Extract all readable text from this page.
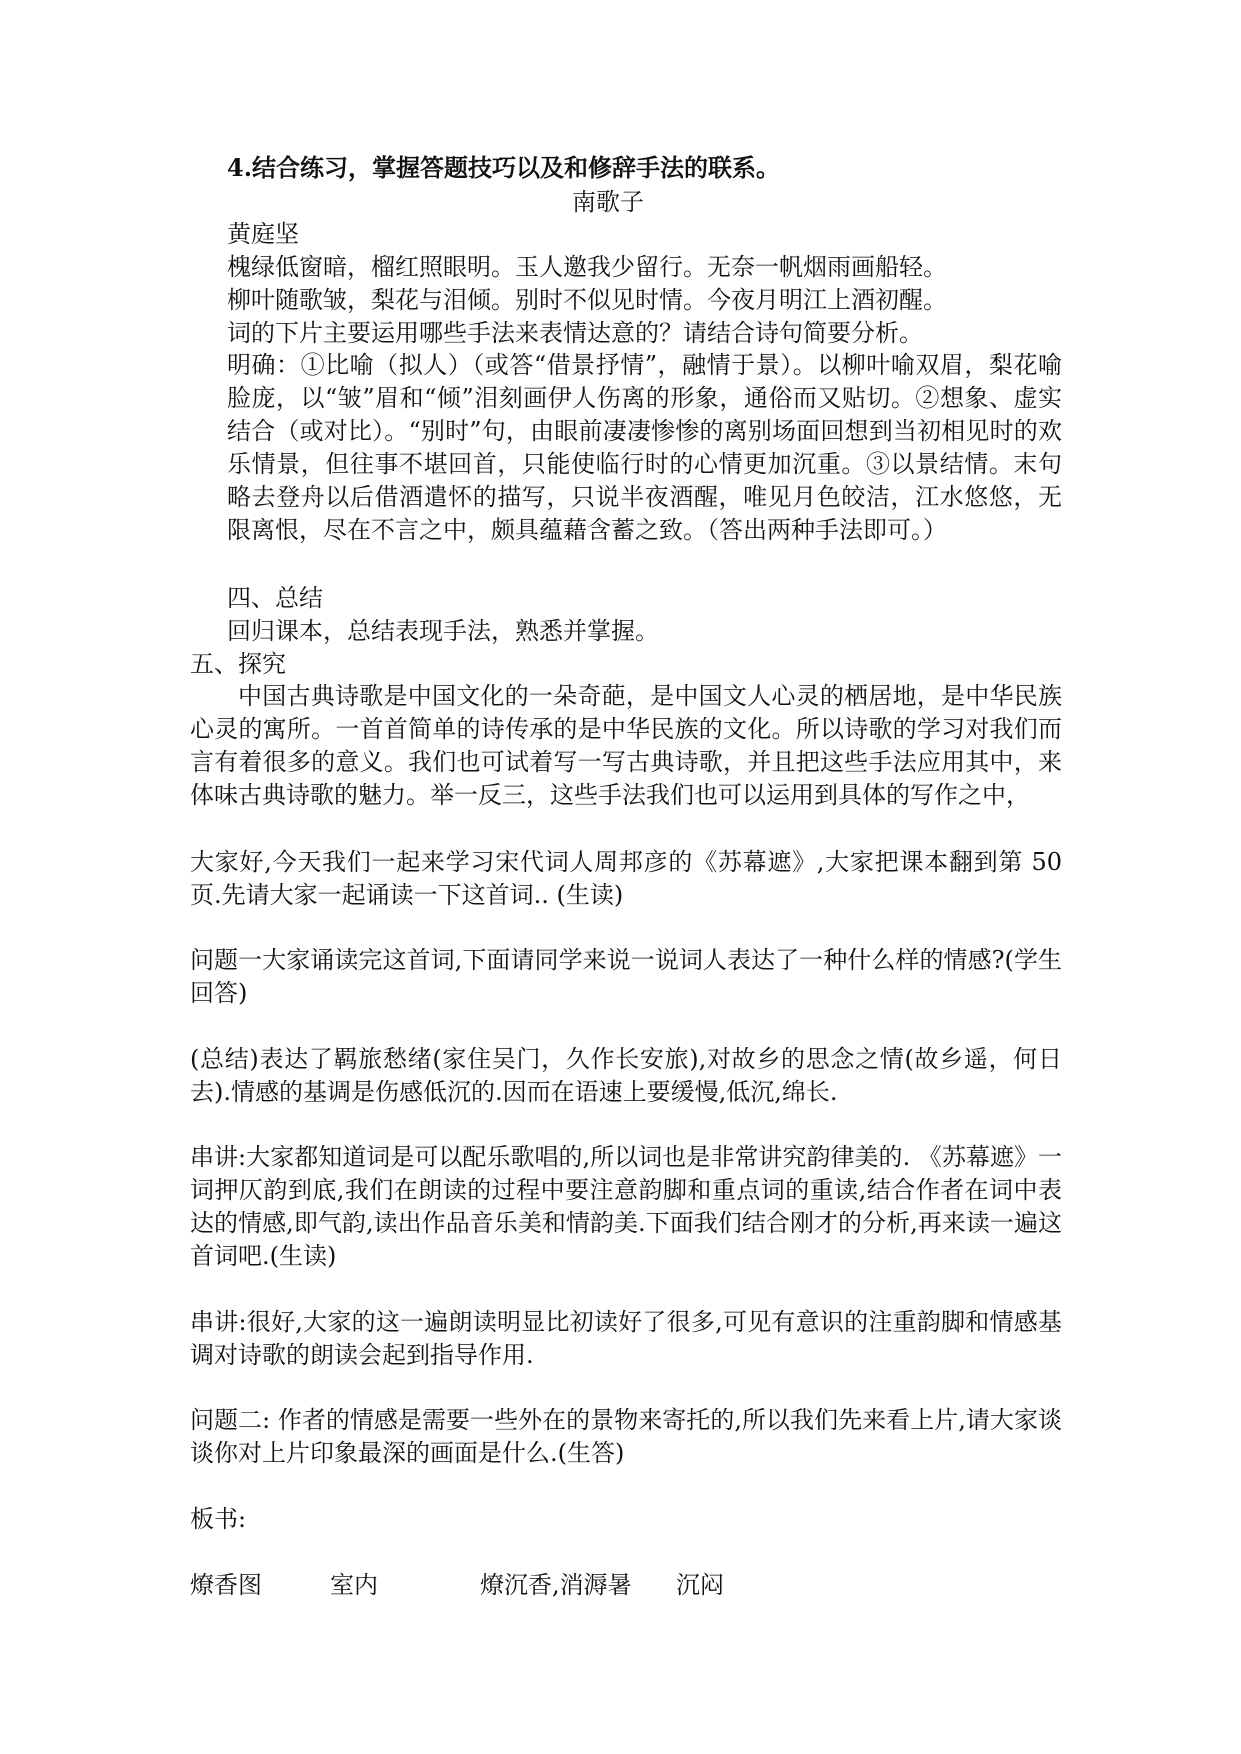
4.结合练习，掌握答题技巧以及和修辞手法的联系。
南歌子
黄庭坚
槐绿低窗暗，榴红照眼明。玉人邀我少留行。无奈一帆烟雨画船轻。
柳叶随歌皱，梨花与泪倾。别时不似见时情。今夜月明江上酒初醒。
词的下片主要运用哪些手法来表情达意的？请结合诗句简要分析。
明确：①比喻（拟人）（或答“借景抒情”，融情于景）。以柳叶喻双眉，梨花喻脸庞，以“皱”眉和“倾”泪刻画伊人伤离的形象，通俗而又贴切。②想象、虚实结合（或对比）。“别时”句，由眼前凄凄惨惨的离别场面回想到当初相见时的欢乐情景，但往事不堪回首，只能使临行时的心情更加沉重。③以景结情。末句略去登舟以后借酒遣怀的描写，只说半夜酒醒，唯见月色皎洁，江水悠悠，无限离恨，尽在不言之中，颇具蕴藉含蓄之致。（答出两种手法即可。）
四、总结
回归课本，总结表现手法，熟悉并掌握。
五、探究
中国古典诗歌是中国文化的一朵奇葩，是中国文人心灵的栖居地，是中华民族心灵的寓所。一首首简单的诗传承的是中华民族的文化。所以诗歌的学习对我们而言有着很多的意义。我们也可试着写一写古典诗歌，并且把这些手法应用其中，来体味古典诗歌的魅力。举一反三，这些手法我们也可以运用到具体的写作之中，
大家好,今天我们一起来学习宋代词人周邦彦的《苏幕遮》,大家把课本翻到第 50 页.先请大家一起诵读一下这首词.. (生读)
问题一大家诵读完这首词,下面请同学来说一说词人表达了一种什么样的情感?(学生回答)
(总结)表达了羁旅愁绪(家住吴门，久作长安旅),对故乡的思念之情(故乡遥，何日去).情感的基调是伤感低沉的.因而在语速上要缓慢,低沉,绵长.
串讲:大家都知道词是可以配乐歌唱的,所以词也是非常讲究韵律美的. 《苏幕遮》一词押仄韵到底,我们在朗读的过程中要注意韵脚和重点词的重读,结合作者在词中表达的情感,即气韵,读出作品音乐美和情韵美.下面我们结合刚才的分析,再来读一遍这首词吧.(生读)
串讲:很好,大家的这一遍朗读明显比初读好了很多,可见有意识的注重韵脚和情感基调对诗歌的朗读会起到指导作用.
问题二: 作者的情感是需要一些外在的景物来寄托的,所以我们先来看上片,请大家谈谈你对上片印象最深的画面是什么.(生答)
板书:
燎香图	室内	燎沉香,消溽暑 沉闷
